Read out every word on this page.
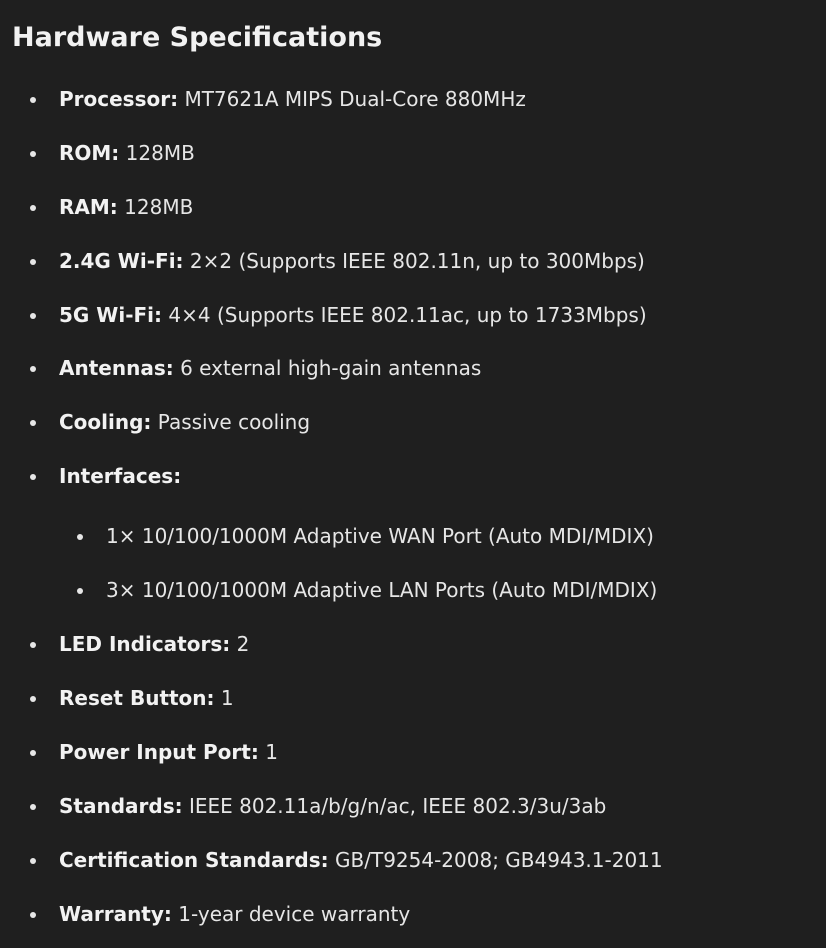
Hardware Specifications
Processor: MT7621A MIPS Dual-Core 880MHz
ROM: 128MB
RAM: 128MB
2.4G Wi-Fi: 2×2 (Supports IEEE 802.11n, up to 300Mbps)
5G Wi-Fi: 4×4 (Supports IEEE 802.11ac, up to 1733Mbps)
Antennas: 6 external high-gain antennas
Cooling: Passive cooling
Interfaces:
1× 10/100/1000M Adaptive WAN Port (Auto MDI/MDIX)
3× 10/100/1000M Adaptive LAN Ports (Auto MDI/MDIX)
LED Indicators: 2
Reset Button: 1
Power Input Port: 1
Standards: IEEE 802.11a/b/g/n/ac, IEEE 802.3/3u/3ab
Certification Standards: GB/T9254-2008; GB4943.1-2011
Warranty: 1-year device warranty
